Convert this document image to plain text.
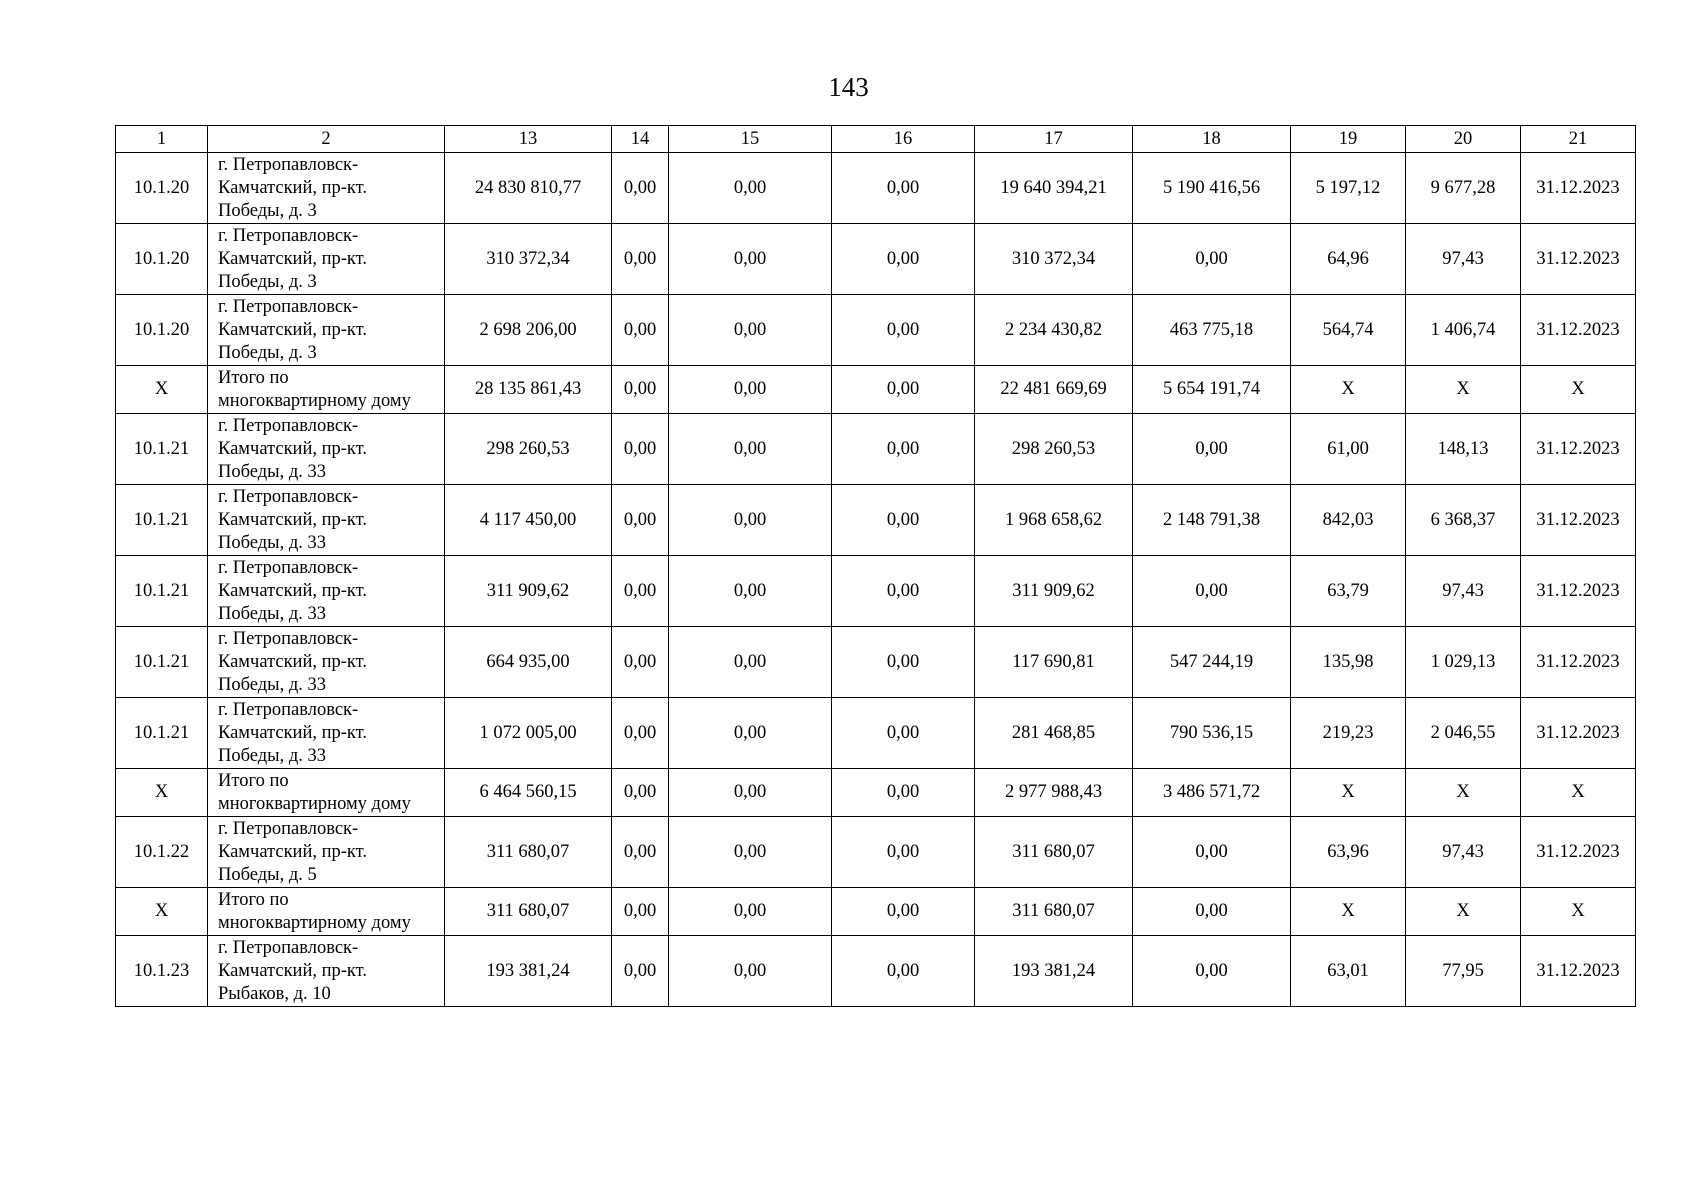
143
1	2	13	14	15	16	17	18	19	20	21
10.1.20	г. Петропавловск-
Камчатский, пр-кт.
Победы, д. 3	24 830 810,77	0,00	0,00	0,00	19 640 394,21	5 190 416,56	5 197,12	9 677,28	31.12.2023
10.1.20	г. Петропавловск-
Камчатский, пр-кт.
Победы, д. 3	310 372,34	0,00	0,00	0,00	310 372,34	0,00	64,96	97,43	31.12.2023
10.1.20	г. Петропавловск-
Камчатский, пр-кт.
Победы, д. 3	2 698 206,00	0,00	0,00	0,00	2 234 430,82	463 775,18	564,74	1 406,74	31.12.2023
X	Итого по
многоквартирному дому	28 135 861,43	0,00	0,00	0,00	22 481 669,69	5 654 191,74	X	X	X
10.1.21	г. Петропавловск-
Камчатский, пр-кт.
Победы, д. 33	298 260,53	0,00	0,00	0,00	298 260,53	0,00	61,00	148,13	31.12.2023
10.1.21	г. Петропавловск-
Камчатский, пр-кт.
Победы, д. 33	4 117 450,00	0,00	0,00	0,00	1 968 658,62	2 148 791,38	842,03	6 368,37	31.12.2023
10.1.21	г. Петропавловск-
Камчатский, пр-кт.
Победы, д. 33	311 909,62	0,00	0,00	0,00	311 909,62	0,00	63,79	97,43	31.12.2023
10.1.21	г. Петропавловск-
Камчатский, пр-кт.
Победы, д. 33	664 935,00	0,00	0,00	0,00	117 690,81	547 244,19	135,98	1 029,13	31.12.2023
10.1.21	г. Петропавловск-
Камчатский, пр-кт.
Победы, д. 33	1 072 005,00	0,00	0,00	0,00	281 468,85	790 536,15	219,23	2 046,55	31.12.2023
X	Итого по
многоквартирному дому	6 464 560,15	0,00	0,00	0,00	2 977 988,43	3 486 571,72	X	X	X
10.1.22	г. Петропавловск-
Камчатский, пр-кт.
Победы, д. 5	311 680,07	0,00	0,00	0,00	311 680,07	0,00	63,96	97,43	31.12.2023
X	Итого по
многоквартирному дому	311 680,07	0,00	0,00	0,00	311 680,07	0,00	X	X	X
10.1.23	г. Петропавловск-
Камчатский, пр-кт.
Рыбаков, д. 10	193 381,24	0,00	0,00	0,00	193 381,24	0,00	63,01	77,95	31.12.2023
